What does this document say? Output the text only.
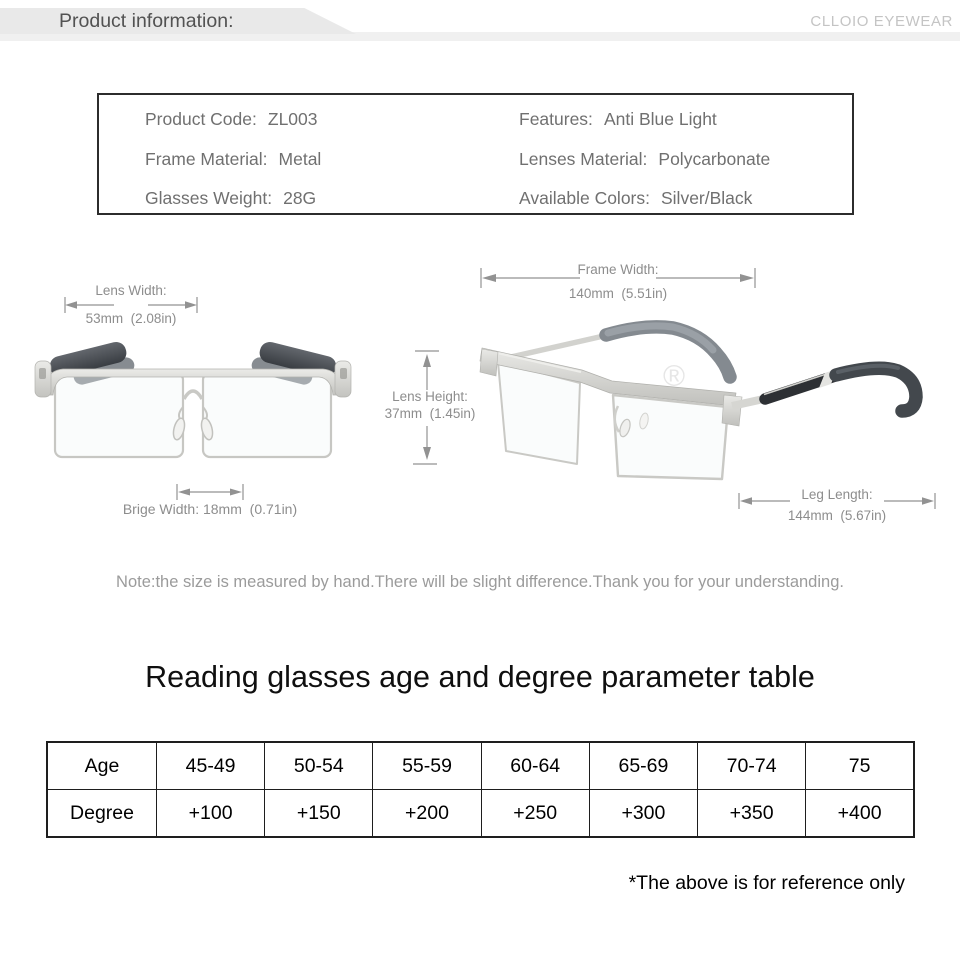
Product information:	CLLOIO EYEWEAR
Product Code: ZL003
Frame Material: Metal
Glasses Weight: 28G
Features: Anti Blue Light
Lenses Material: Polycarbonate
Available Colors: Silver/Black
®
Lens Width:
53mm  (2.08in)
Frame Width:
140mm  (5.51in)
Lens Height:
37mm  (1.45in)
Brige Width: 18mm  (0.71in)
Leg Length:
144mm  (5.67in)
Note:the size is measured by hand.There will be slight difference.Thank you for your understanding.
Reading glasses age and degree parameter table
Age	45-49	50-54	55-59	60-64	65-69	70-74	75
Degree	+100	+150	+200	+250	+300	+350	+400
*The above is for reference only
